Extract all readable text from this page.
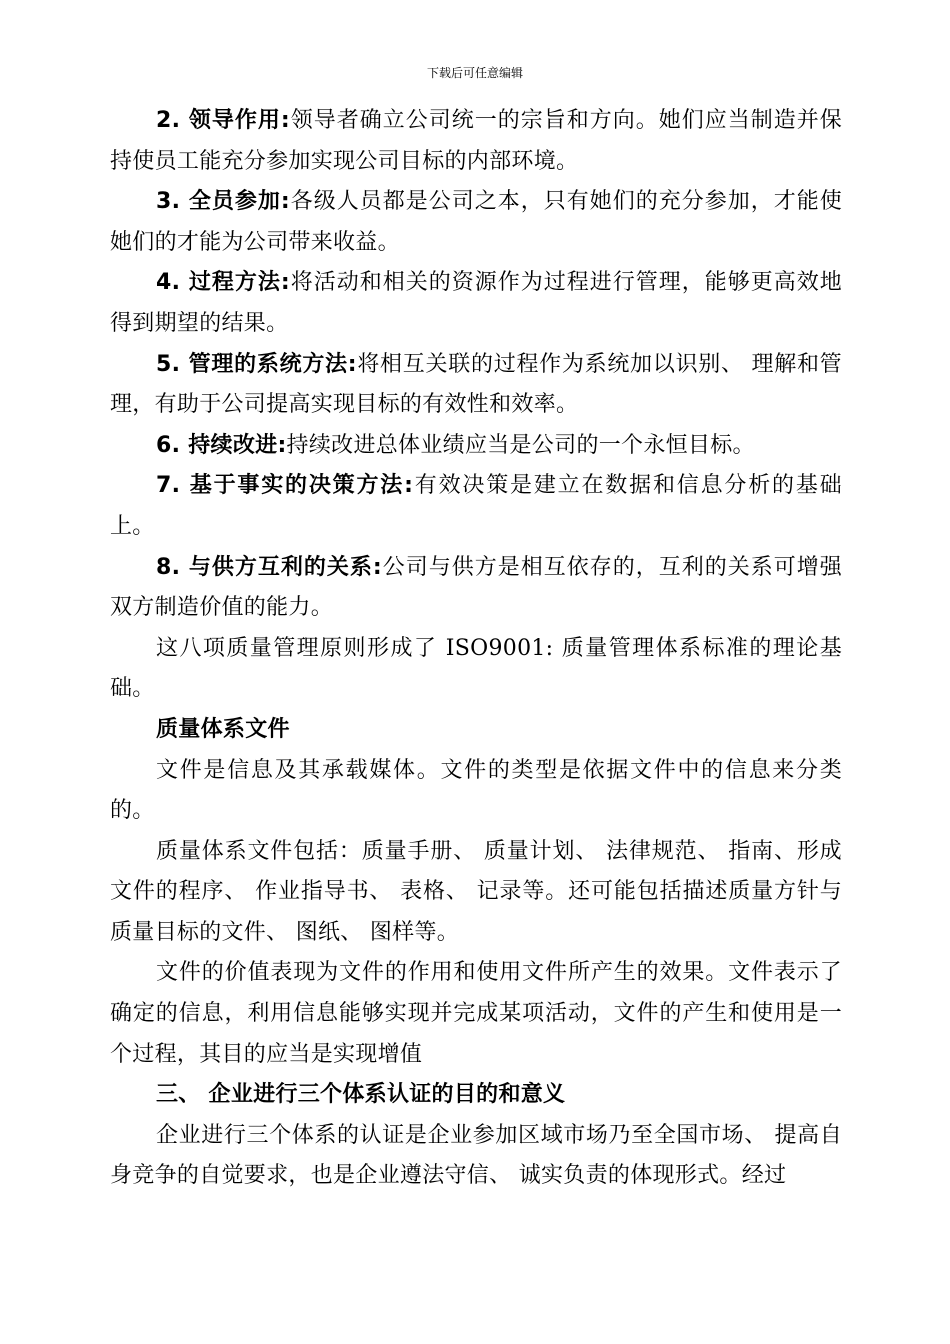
下载后可任意编辑

2. 领导作用:领导者确立公司统一的宗旨和方向。她们应当制造并保持使员工能充分参加实现公司目标的内部环境。

3. 全员参加:各级人员都是公司之本，只有她们的充分参加，才能使她们的才能为公司带来收益。

4. 过程方法:将活动和相关的资源作为过程进行管理，能够更高效地得到期望的结果。

5. 管理的系统方法:将相互关联的过程作为系统加以识别、 理解和管理，有助于公司提高实现目标的有效性和效率。

6. 持续改进:持续改进总体业绩应当是公司的一个永恒目标。

7. 基于事实的决策方法:有效决策是建立在数据和信息分析的基础上。

8. 与供方互利的关系:公司与供方是相互依存的，互利的关系可增强双方制造价值的能力。

这八项质量管理原则形成了 ISO9001: 质量管理体系标准的理论基础。

质量体系文件

文件是信息及其承载媒体。文件的类型是依据文件中的信息来分类的。

质量体系文件包括：质量手册、 质量计划、 法律规范、 指南、形成文件的程序、 作业指导书、 表格、 记录等。还可能包括描述质量方针与质量目标的文件、 图纸、 图样等。

文件的价值表现为文件的作用和使用文件所产生的效果。文件表示了确定的信息，利用信息能够实现并完成某项活动，文件的产生和使用是一个过程，其目的应当是实现增值

三、 企业进行三个体系认证的目的和意义

企业进行三个体系的认证是企业参加区域市场乃至全国市场、 提高自身竞争的自觉要求，也是企业遵法守信、 诚实负责的体现形式。经过
